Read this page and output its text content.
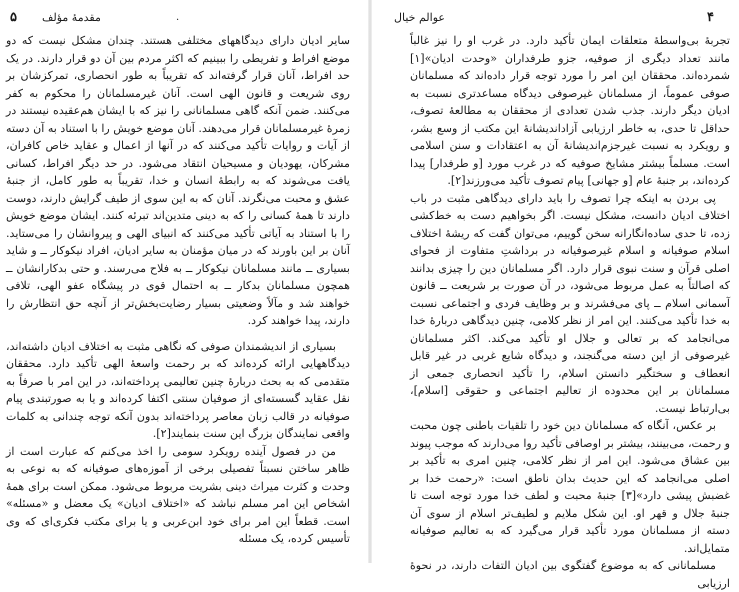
۵ مقدمهٔ مؤلف	.

سایر ادیان دارای دیدگاههای مختلفی هستند. چندان مشکل نیست که دو موضع افراط و تفریطی را ببینیم که اکثر مردم بین آن دو قرار دارند. در یک حد افراط، آنان قرار گرفته‌اند که تقریباً به طور انحصاری، تمرکزشان بر روی شریعت و قانون الهی است. آنان غیرمسلمانان را محکوم به کفر می‌کنند. ضمن آنکه گاهی مسلمانانی را نیز که با ایشان هم‌عقیده نیستند در زمرهٔ غیرمسلمانان قرار می‌دهند. آنان موضع خویش را با استناد به آن دسته از آیات و روایات تأکید می‌کنند که در آنها از اعمال و عقاید خاص کافران، مشرکان، یهودیان و مسیحیان انتقاد می‌شود. در حد دیگر افراط، کسانی یافت می‌شوند که به رابطهٔ انسان و خدا، تقریباً به طور کامل، از جنبهٔ عشق و محبت می‌نگرند. آنان که به این سوی از طیف گرایش دارند، دوست دارند تا همهٔ کسانی را که به دینی متدین‌اند تبرئه کنند. ایشان موضع خویش را با استناد به آیاتی تأکید می‌کنند که انبیای الهی و پیروانشان را می‌ستاید. آنان بر این باورند که در میان مؤمنان به سایر ادیان، افراد نیکوکار ــ و شاید بسیاری ــ مانند مسلمانان نیکوکار ــ به فلاح می‌رسند. و حتی بدکارانشان ــ همچون مسلمانان بدکار ــ به احتمال قوی در پیشگاه عفو الهی، تلافی خواهند شد و مآلاً وضعیتی بسیار رضایت‌بخش‌تر از آنچه حق انتظارش را دارند، پیدا خواهند کرد.

بسیاری از اندیشمندان صوفی که نگاهی مثبت به اختلاف ادیان داشته‌اند، دیدگاههایی ارائه کرده‌اند که بر رحمت واسعهٔ الهی تأکید دارد. محققان متقدمی که به بحث دربارهٔ چنین تعالیمی پرداخته‌اند، در این امر با صرفاً به نقل عقاید گسسته‌ای از صوفیان سنتی اکتفا کرده‌اند و یا به صورتبندی پیام صوفیانه در قالب زبان معاصر پرداخته‌اند بدون آنکه توجه چندانی به کلمات واقعی نمایندگان بزرگ این سنت بنمایند[۲].

من در فصول آینده رویکرد سومی را اخذ می‌کنم که عبارت است از ظاهر ساختن نسبتاً تفصیلی برخی از آموزه‌های صوفیانه که به نوعی به وحدت و کثرت میراث دینی بشریت مربوط می‌شود. ممکن است برای همهٔ اشخاص این امر مسلم نباشد که «اختلاف ادیان» یک معضل و «مسئله» است. قطعاً این امر برای خود ابن‌عربی و یا برای مکتب فکری‌ای که وی تأسیس کرده، یک مسئله

۴
عوالم خیال

تجربهٔ بی‌واسطهٔ متعلقات ایمان تأکید دارد. در غرب او را نیز غالباً مانند تعداد دیگری از صوفیه، جزو طرفداران «وحدت ادیان»[۱] شمرده‌اند. محققان این امر را مورد توجه قرار داده‌اند که مسلمانان صوفی عموماً، از مسلمانان غیرصوفی دیدگاه مساعدتری نسبت به ادیان دیگر دارند. جذب شدن تعدادی از محققان به مطالعهٔ تصوف، حداقل تا حدی، به خاطر ارزیابی آزاداندیشانهٔ این مکتب از وسع بشر، و رویکرد به نسبت غیرجزم‌اندیشانهٔ آن به اعتقادات و سنن اسلامی است. مسلماً بیشتر مشایخ صوفیه که در غرب مورد [و طرفدار] پیدا کرده‌اند، بر جنبهٔ عام [و جهانی] پیام تصوف تأکید می‌ورزند[۲].

پی بردن به اینکه چرا تصوف را باید دارای دیدگاهی مثبت در باب اختلاف ادیان دانست، مشکل نیست. اگر بخواهیم دست به خط‌کشی زده، تا حدی ساده‌انگارانه سخن گوییم، می‌توان گفت که ریشهٔ اختلاف اسلام صوفیانه و اسلام غیرصوفیانه در برداشتِ متفاوت از فحوای اصلی قرآن و سنت نبوی قرار دارد. اگر مسلمانان دین را چیزی بدانند که اصالتاً به عمل مربوط می‌شود، در آن صورت بر شریعت ــ قانون آسمانی اسلام ــ پای می‌فشرند و بر وظایف فردی و اجتماعی نسبت به خدا تأکید می‌کنند. این امر از نظر کلامی، چنین دیدگاهی دربارهٔ خدا می‌انجامد که بر تعالی و جلال او تأکید می‌کند. اکثر مسلمانان غیرصوفی از این دسته می‌گنجند، و دیدگاه شایع غربی در غیر قابل انعطاف و سختگیر دانستن اسلام، را تأکید انحصاری جمعی از مسلمانان بر این محدوده از تعالیم اجتماعی و حقوقی [اسلام]، بی‌ارتباط نیست.

بر عکس، آنگاه که مسلمانان دین خود را تلقیات باطنی چون محبت و رحمت، می‌بینند، بیشتر بر اوصافی تأکید روا می‌دارند که موجب پیوند بین عشاق می‌شود. این امر از نظر کلامی، چنین امری به تأکید بر اصلی می‌انجامد که این حدیث بدان ناطق است: «رحمت خدا بر غضبش پیشی دارد»[۳] جنبهٔ محبت و لطف خدا مورد توجه است تا جنبهٔ جلال و قهر او. این شکل ملایم و لطیف‌تر اسلام از سوی آن دسته از مسلمانان مورد تأکید قرار می‌گیرد که به تعالیم صوفیانه متمایل‌اند.

مسلمانانی که به موضوع گفتگوی بین ادیان التفات دارند، در نحوهٔ ارزیابی
